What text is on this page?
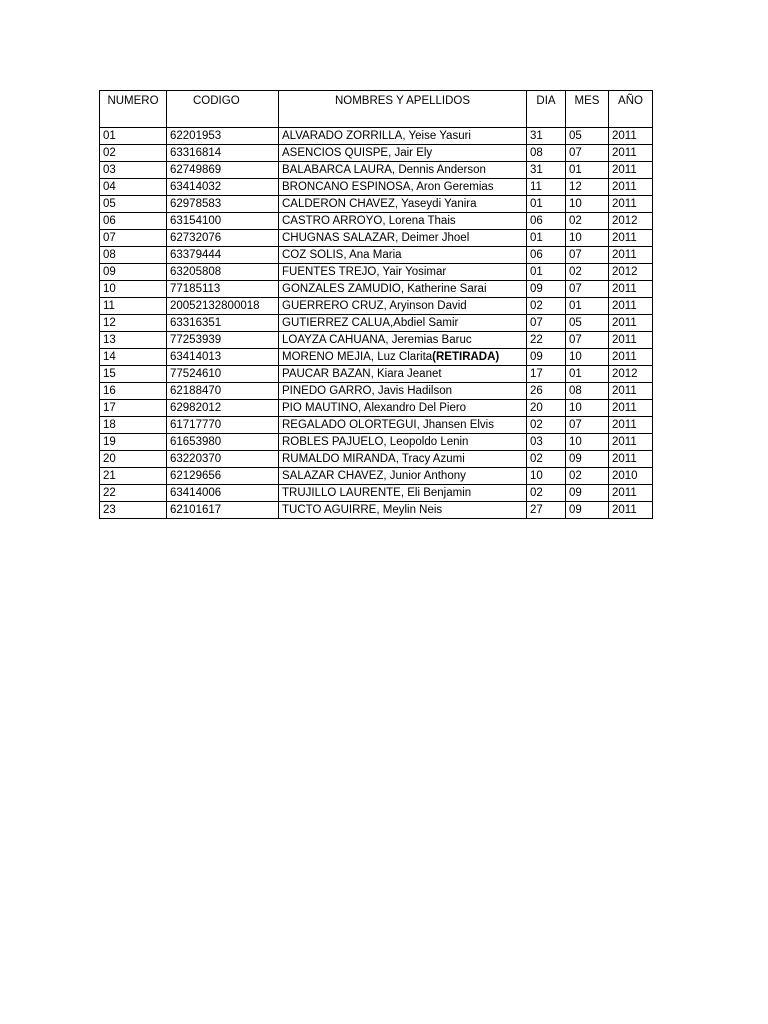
NUMERO	CODIGO	NOMBRES Y APELLIDOS	DIA	MES	AÑO
01	62201953	ALVARADO ZORRILLA, Yeise Yasuri	31	05	2011
02	63316814	ASENCIOS QUISPE, Jair Ely	08	07	2011
03	62749869	BALABARCA LAURA, Dennis Anderson	31	01	2011
04	63414032	BRONCANO ESPINOSA, Aron Geremias	11	12	2011
05	62978583	CALDERON CHAVEZ, Yaseydi Yanira	01	10	2011
06	63154100	CASTRO ARROYO, Lorena Thais	06	02	2012
07	62732076	CHUGNAS SALAZAR, Deimer Jhoel	01	10	2011
08	63379444	COZ SOLIS, Ana Maria	06	07	2011
09	63205808	FUENTES TREJO, Yair Yosimar	01	02	2012
10	77185113	GONZALES ZAMUDIO, Katherine Sarai	09	07	2011
11	20052132800018	GUERRERO CRUZ, Aryinson David	02	01	2011
12	63316351	GUTIERREZ CALUA,Abdiel Samir	07	05	2011
13	77253939	LOAYZA CAHUANA, Jeremias Baruc	22	07	2011
14	63414013	MORENO MEJIA, Luz Clarita(RETIRADA)	09	10	2011
15	77524610	PAUCAR BAZAN, Kiara Jeanet	17	01	2012
16	62188470	PINEDO GARRO, Javis Hadilson	26	08	2011
17	62982012	PIO MAUTINO, Alexandro Del Piero	20	10	2011
18	61717770	REGALADO OLORTEGUI, Jhansen Elvis	02	07	2011
19	61653980	ROBLES PAJUELO, Leopoldo Lenin	03	10	2011
20	63220370	RUMALDO MIRANDA, Tracy Azumi	02	09	2011
21	62129656	SALAZAR CHAVEZ, Junior Anthony	10	02	2010
22	63414006	TRUJILLO LAURENTE, Eli Benjamin	02	09	2011
23	62101617	TUCTO AGUIRRE, Meylin Neis	27	09	2011
